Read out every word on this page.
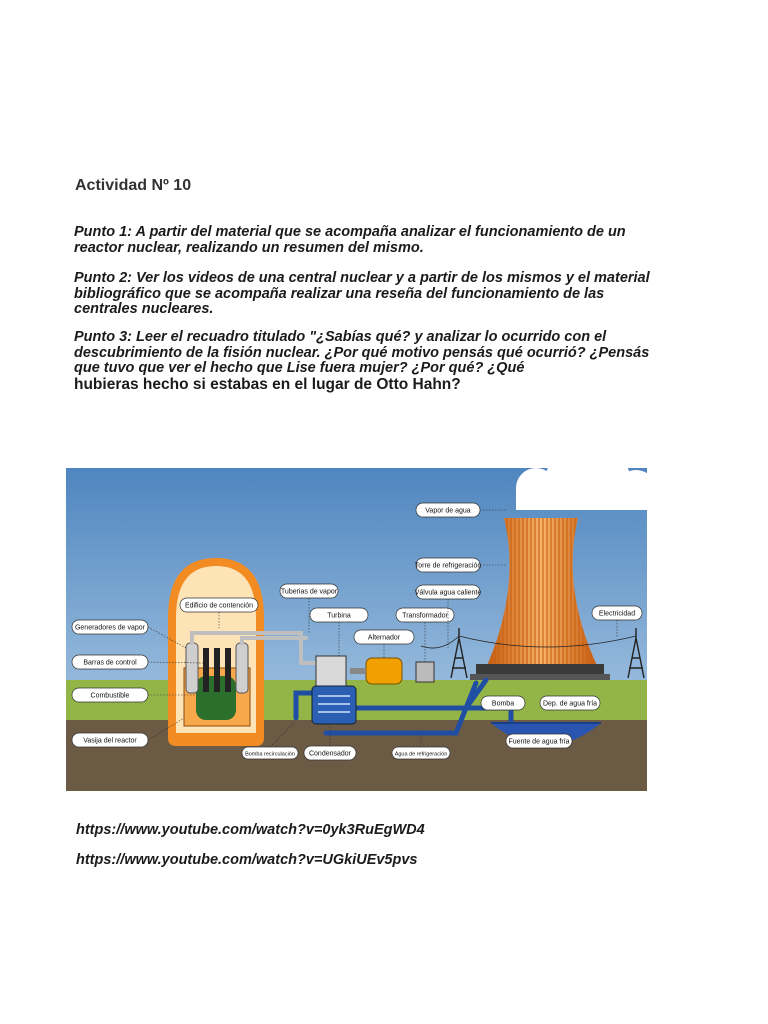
Actividad Nº 10

Punto 1: A partir del material que se acompaña analizar el funcionamiento de un reactor nuclear, realizando un resumen del mismo.

Punto 2: Ver los videos de una central nuclear y a partir de los mismos y el material bibliográfico que se acompaña realizar una reseña del funcionamiento de las centrales nucleares.

Punto 3: Leer el recuadro titulado "¿Sabías qué? y analizar lo ocurrido con el descubrimiento de la fisión nuclear. ¿Por qué motivo pensás qué ocurrió? ¿Pensás que tuvo que ver el hecho que Lise fuera mujer? ¿Por qué? ¿Qué
hubieras hecho si estabas en el lugar de Otto Hahn?

Vapor de agua
Torre de refrigeración
Válvula agua caliente
Tuberias de vapor
Edificio de contención
Transformador	Electricidad
Turbina
Generadores de vapor
Alternador
Barras de control
Combustible
Bomba	Dep. de agua fría
Vasija del reactor	Fuente de agua fría
Bomba recirculación Condensador	Agua de refrigeración
https://www.youtube.com/watch?v=0yk3RuEgWD4
https://www.youtube.com/watch?v=UGkiUEv5pvs
